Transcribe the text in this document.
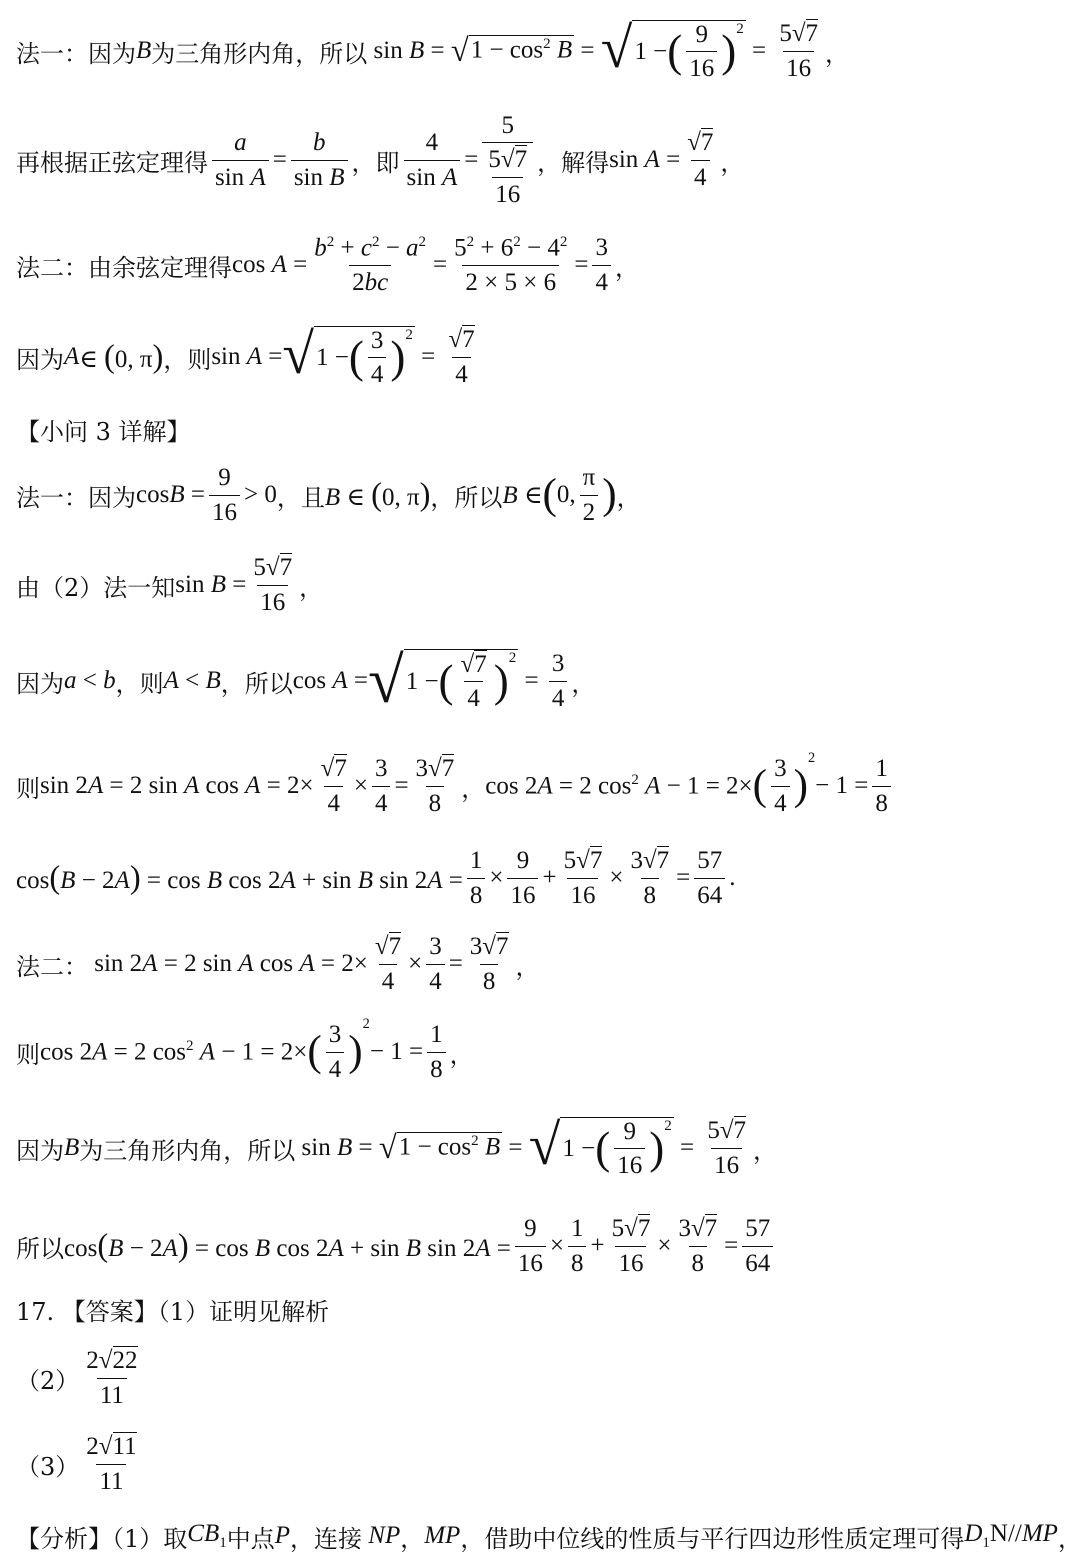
法一：因为 B 为三角形内角，所以 sin B = √ $1 - \cos^2 B$ = √ 1 − ( $\frac{9}{16}$ ) 2
= $\frac{5√7}{16}$ ，
再根据正弦定理得 $\frac{a}{\text{sin A}} = \frac{b}{\text{sin B}}$ ，即 $\frac{4}{\text{sin A}} = \frac{5}{\frac{5√7}{16}}$ ，解得 $\sin A = \frac{√7}{4}$ ，
法二：由余弦定理得 $\cos A = \frac{b^2 + c^2 - a^2}{2bc} = \frac{5^2 + 6^2 - 4^2}{2 \times 5 \times 6} = \frac{3}{4}$ ，
因为 A ∈ (0, π) ，则 sin A = √ 1 − ( $\frac{3}{4}$ ) 2
= $\frac{√7}{4}$
【小问 3 详解】
法一：因为 $\cos B = \frac{9}{16} > 0$ ，且 B ∈ (0, π) ，所以 B ∈ ( 0, $\frac{\pi}{2}$ ) ，
由（2）法一知 $\sin B = \frac{5√7}{16}$ ，
因为 a < b ，则 A < B ，所以 cos A = √ 1 − ( $\frac{√7}{4}$ ) 2
= $\frac{3}{4}$ ，
则 sin 2A = 2 sin A $\cos A = 2\times \frac{√7}{4} \times \frac{3}{4} = \frac{3√7}{8}$ ， cos 2A = 2 $\cos^2 A - 1 = 2\times$ ( $\frac{3}{4}$ )
2
− $1 = \frac{1}{8}$
cos(B − 2A) = cos B cos 2A + sin B $\sin 2A = \frac{1}{8} \times \frac{9}{16} + \frac{5√7}{16} \times \frac{3√7}{8} = \frac{57}{64}$ .
法二： sin 2A = 2 sin A $\cos A = 2\times \frac{√7}{4} \times \frac{3}{4} = \frac{3√7}{8}$ ，
则 cos 2A = 2 $\cos^2 A - 1 = 2\times$ ( $\frac{3}{4}$ )
2
− $1 = \frac{1}{8}$ ，
因为 B 为三角形内角，所以 sin B = √ $1 - \cos^2 B$ = √ 1 − ( $\frac{9}{16}$ ) 2
= $\frac{5√7}{16}$ ，
所以 cos(B − 2A) = cos B cos 2A + sin B $\sin 2A = \frac{9}{16} \times \frac{1}{8} + \frac{5√7}{16} \times \frac{3√7}{8} = \frac{57}{64}$
17. 【答案】（1）证明见解析
$(2) \frac{2√22}{11}$
$(3) \frac{2√11}{11}$
【分析】（1）取 $CB_1$ 中点 P ，连接 NP ， MP ，借助中位线的性质与平行四边形性质定理可得 $D_1N//MP$ ，
